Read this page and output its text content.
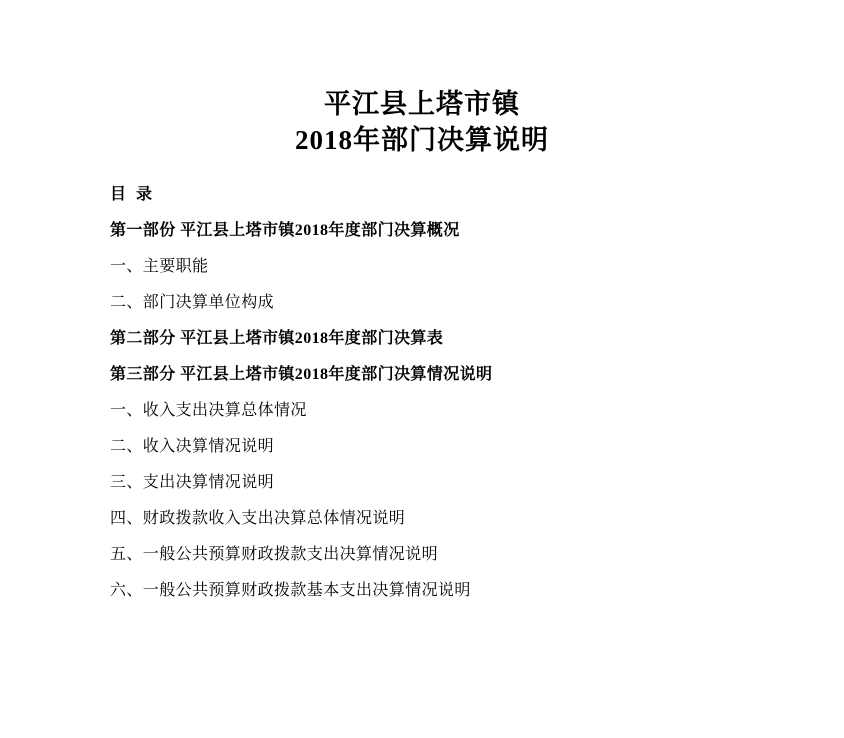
平江县上塔市镇
2018年部门决算说明
目 录
第一部份 平江县上塔市镇2018年度部门决算概况
一、主要职能
二、部门决算单位构成
第二部分 平江县上塔市镇2018年度部门决算表
第三部分 平江县上塔市镇2018年度部门决算情况说明
一、收入支出决算总体情况
二、收入决算情况说明
三、支出决算情况说明
四、财政拨款收入支出决算总体情况说明
五、一般公共预算财政拨款支出决算情况说明
六、一般公共预算财政拨款基本支出决算情况说明
